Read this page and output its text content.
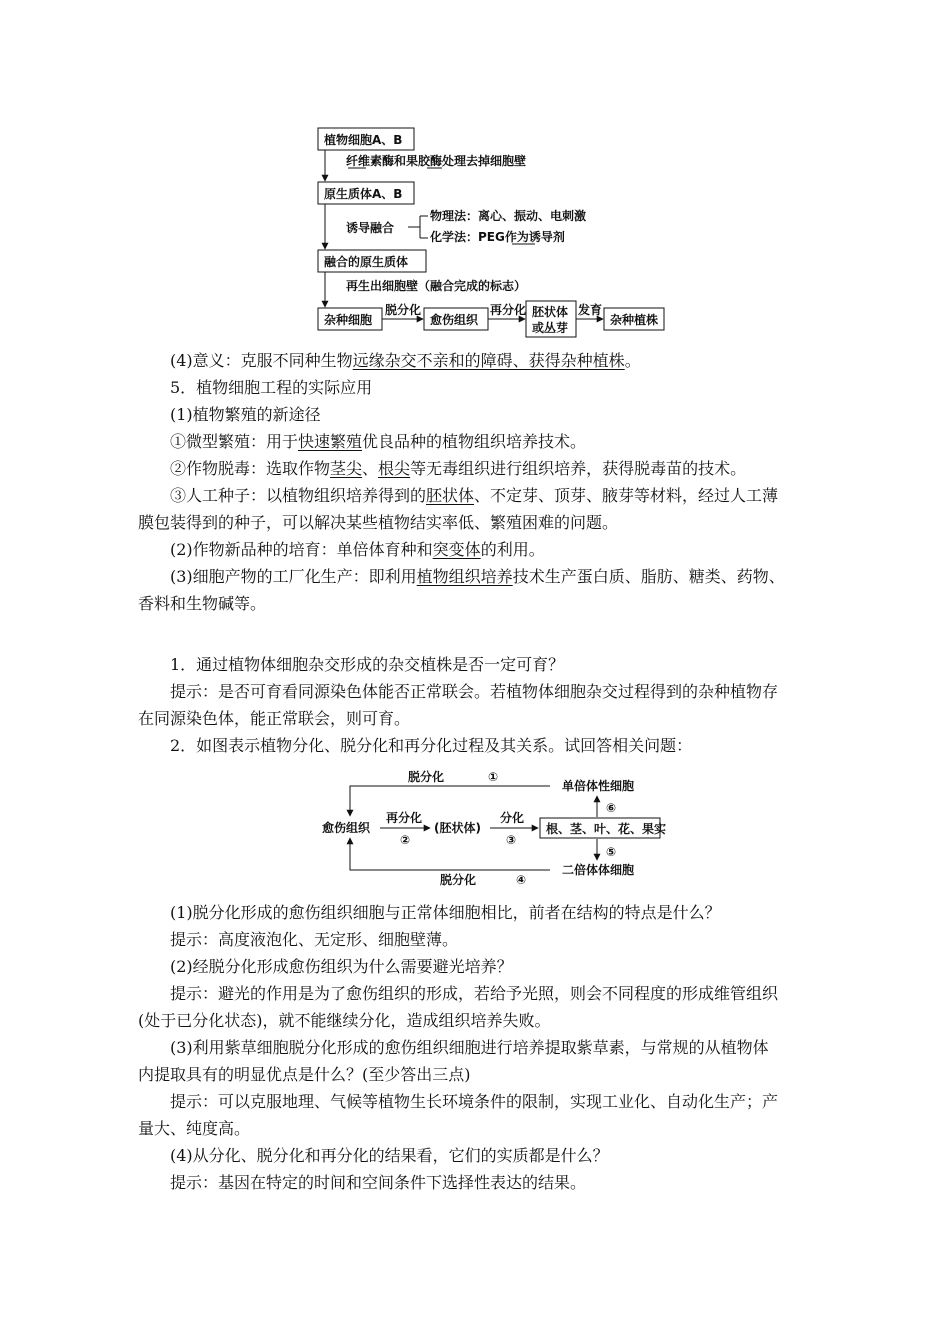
植物细胞A、B
纤维素酶和果胶酶处理去掉细胞壁
原生质体A、B
诱导融合
物理法：离心、振动、电刺激
化学法：PEG作为诱导剂
融合的原生质体
再生出细胞壁（融合完成的标志）
杂种细胞
脱分化
愈伤组织
再分化 胚状体
或丛芽
发育
杂种植株
(4)意义：克服不同种生物远缘杂交不亲和的障碍、获得杂种植株。
5．植物细胞工程的实际应用
(1)植物繁殖的新途径
①微型繁殖：用于快速繁殖优良品种的植物组织培养技术。
②作物脱毒：选取作物茎尖、根尖等无毒组织进行组织培养，获得脱毒苗的技术。
③人工种子：以植物组织培养得到的胚状体、不定芽、顶芽、腋芽等材料，经过人工薄
膜包装得到的种子，可以解决某些植物结实率低、繁殖困难的问题。
(2)作物新品种的培育：单倍体育种和突变体的利用。
(3)细胞产物的工厂化生产：即利用植物组织培养技术生产蛋白质、脂肪、糖类、药物、
香料和生物碱等。
1．通过植物体细胞杂交形成的杂交植株是否一定可育？
提示：是否可育看同源染色体能否正常联会。若植物体细胞杂交过程得到的杂种植物存
在同源染色体，能正常联会，则可育。
2．如图表示植物分化、脱分化和再分化过程及其关系。试回答相关问题：
脱分化	①
单倍体性细胞
⑥
愈伤组织
再分化
②
(胚状体)
分化
③
根、茎、叶、花、果实
⑤
二倍体体细胞
脱分化	④
(1)脱分化形成的愈伤组织细胞与正常体细胞相比，前者在结构的特点是什么？
提示：高度液泡化、无定形、细胞壁薄。
(2)经脱分化形成愈伤组织为什么需要避光培养？
提示：避光的作用是为了愈伤组织的形成，若给予光照，则会不同程度的形成维管组织
(处于已分化状态)，就不能继续分化，造成组织培养失败。
(3)利用紫草细胞脱分化形成的愈伤组织细胞进行培养提取紫草素，与常规的从植物体
内提取具有的明显优点是什么？(至少答出三点)
提示：可以克服地理、气候等植物生长环境条件的限制，实现工业化、自动化生产；产
量大、纯度高。
(4)从分化、脱分化和再分化的结果看，它们的实质都是什么？
提示：基因在特定的时间和空间条件下选择性表达的结果。
